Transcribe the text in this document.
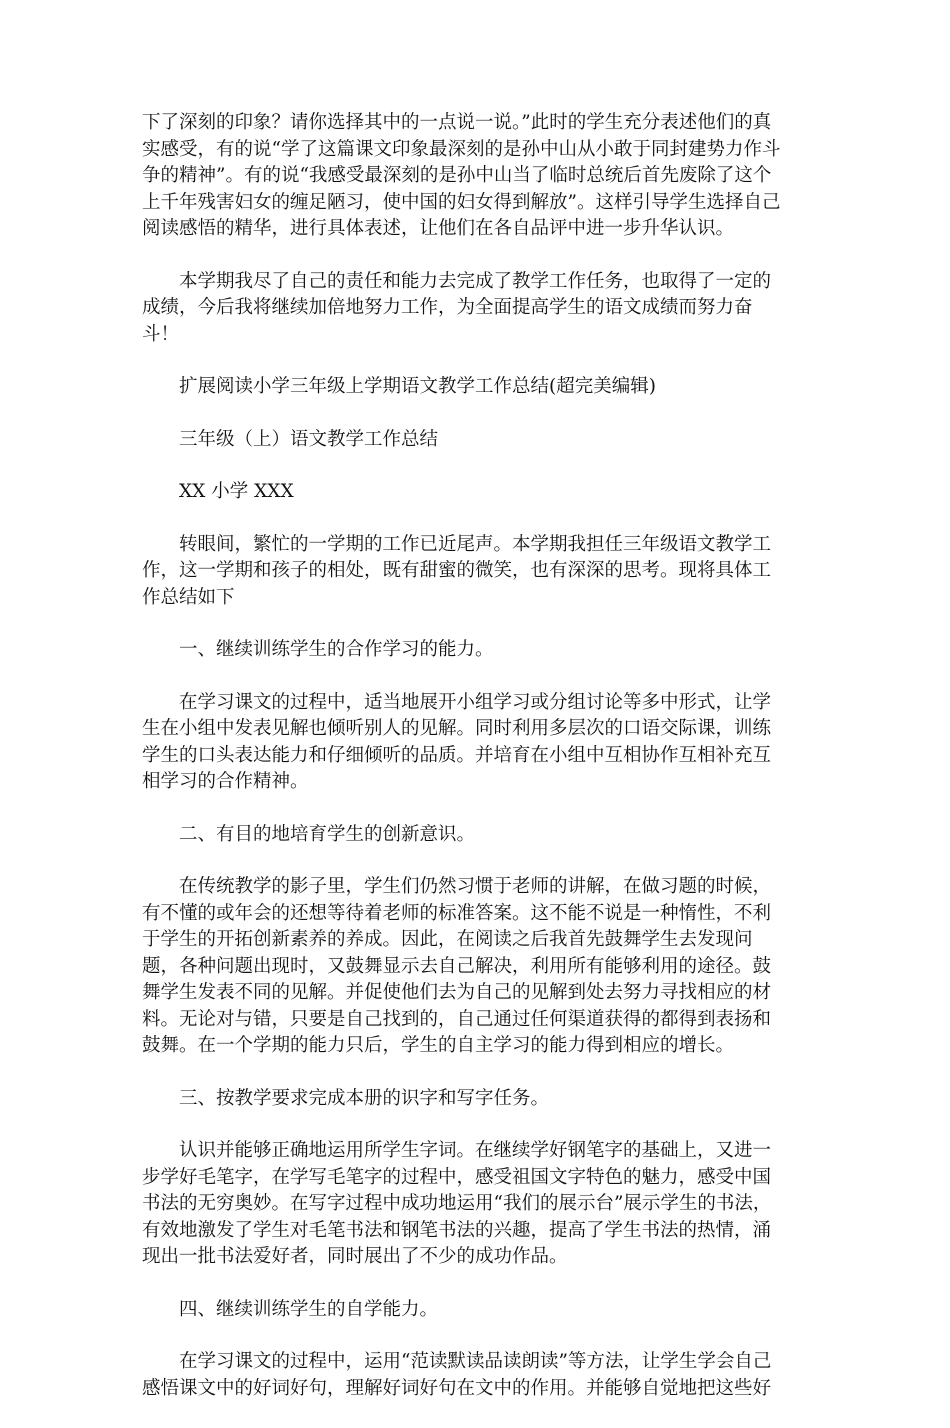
下了深刻的印象？请你选择其中的一点说一说。”此时的学生充分表述他们的真
实感受，有的说“学了这篇课文印象最深刻的是孙中山从小敢于同封建势力作斗
争的精神”。有的说“我感受最深刻的是孙中山当了临时总统后首先废除了这个
上千年残害妇女的缠足陋习，使中国的妇女得到解放”。这样引导学生选择自己
阅读感悟的精华，进行具体表述，让他们在各自品评中进一步升华认识。
本学期我尽了自己的责任和能力去完成了教学工作任务，也取得了一定的
成绩，今后我将继续加倍地努力工作，为全面提高学生的语文成绩而努力奋
斗！
扩展阅读小学三年级上学期语文教学工作总结(超完美编辑)
三年级（上）语文教学工作总结
XX 小学 XXX
转眼间，繁忙的一学期的工作已近尾声。本学期我担任三年级语文教学工
作，这一学期和孩子的相处，既有甜蜜的微笑，也有深深的思考。现将具体工
作总结如下
一、继续训练学生的合作学习的能力。
在学习课文的过程中，适当地展开小组学习或分组讨论等多中形式，让学
生在小组中发表见解也倾听别人的见解。同时利用多层次的口语交际课，训练
学生的口头表达能力和仔细倾听的品质。并培育在小组中互相协作互相补充互
相学习的合作精神。
二、有目的地培育学生的创新意识。
在传统教学的影子里，学生们仍然习惯于老师的讲解，在做习题的时候，
有不懂的或年会的还想等待着老师的标准答案。这不能不说是一种惰性，不利
于学生的开拓创新素养的养成。因此，在阅读之后我首先鼓舞学生去发现问
题，各种问题出现时，又鼓舞显示去自己解决，利用所有能够利用的途径。鼓
舞学生发表不同的见解。并促使他们去为自己的见解到处去努力寻找相应的材
料。无论对与错，只要是自己找到的，自己通过任何渠道获得的都得到表扬和
鼓舞。在一个学期的能力只后，学生的自主学习的能力得到相应的增长。
三、按教学要求完成本册的识字和写字任务。
认识并能够正确地运用所学生字词。在继续学好钢笔字的基础上，又进一
步学好毛笔字，在学写毛笔字的过程中，感受祖国文字特色的魅力，感受中国
书法的无穷奥妙。在写字过程中成功地运用“我们的展示台”展示学生的书法，
有效地激发了学生对毛笔书法和钢笔书法的兴趣，提高了学生书法的热情，涌
现出一批书法爱好者，同时展出了不少的成功作品。
四、继续训练学生的自学能力。
在学习课文的过程中，运用“范读默读品读朗读”等方法，让学生学会自己
感悟课文中的好词好句，理解好词好句在文中的作用。并能够自觉地把这些好
